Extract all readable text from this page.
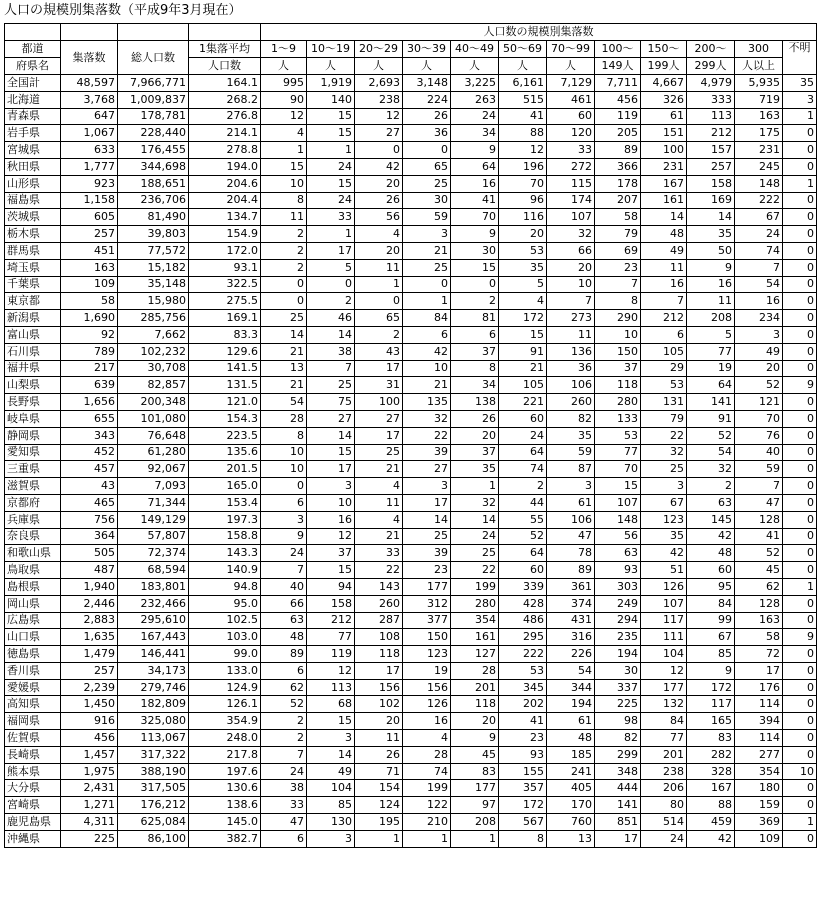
人口の規模別集落数（平成9年3月現在）
				人口数の規模別集落数											
都道	集落数	総人口数	1集落平均	1～9	10～19	20～29	30～39	40～49	50～69	70～99	100～	150～	200～	300	不明
府県名			人口数	人	人	人	人	人	人	人	149人	199人	299人	人以上	
全国計	48,597	7,966,771	164.1	995	1,919	2,693	3,148	3,225	6,161	7,129	7,711	4,667	4,979	5,935	35
北海道	3,768	1,009,837	268.2	90	140	238	224	263	515	461	456	326	333	719	3
青森県	647	178,781	276.8	12	15	12	26	24	41	60	119	61	113	163	1
岩手県	1,067	228,440	214.1	4	15	27	36	34	88	120	205	151	212	175	0
宮城県	633	176,455	278.8	1	1	0	0	9	12	33	89	100	157	231	0
秋田県	1,777	344,698	194.0	15	24	42	65	64	196	272	366	231	257	245	0
山形県	923	188,651	204.6	10	15	20	25	16	70	115	178	167	158	148	1
福島県	1,158	236,706	204.4	8	24	26	30	41	96	174	207	161	169	222	0
茨城県	605	81,490	134.7	11	33	56	59	70	116	107	58	14	14	67	0
栃木県	257	39,803	154.9	2	1	4	3	9	20	32	79	48	35	24	0
群馬県	451	77,572	172.0	2	17	20	21	30	53	66	69	49	50	74	0
埼玉県	163	15,182	93.1	2	5	11	25	15	35	20	23	11	9	7	0
千葉県	109	35,148	322.5	0	0	1	0	0	5	10	7	16	16	54	0
東京都	58	15,980	275.5	0	2	0	1	2	4	7	8	7	11	16	0
新潟県	1,690	285,756	169.1	25	46	65	84	81	172	273	290	212	208	234	0
富山県	92	7,662	83.3	14	14	2	6	6	15	11	10	6	5	3	0
石川県	789	102,232	129.6	21	38	43	42	37	91	136	150	105	77	49	0
福井県	217	30,708	141.5	13	7	17	10	8	21	36	37	29	19	20	0
山梨県	639	82,857	131.5	21	25	31	21	34	105	106	118	53	64	52	9
長野県	1,656	200,348	121.0	54	75	100	135	138	221	260	280	131	141	121	0
岐阜県	655	101,080	154.3	28	27	27	32	26	60	82	133	79	91	70	0
静岡県	343	76,648	223.5	8	14	17	22	20	24	35	53	22	52	76	0
愛知県	452	61,280	135.6	10	15	25	39	37	64	59	77	32	54	40	0
三重県	457	92,067	201.5	10	17	21	27	35	74	87	70	25	32	59	0
滋賀県	43	7,093	165.0	0	3	4	3	1	2	3	15	3	2	7	0
京都府	465	71,344	153.4	6	10	11	17	32	44	61	107	67	63	47	0
兵庫県	756	149,129	197.3	3	16	4	14	14	55	106	148	123	145	128	0
奈良県	364	57,807	158.8	9	12	21	25	24	52	47	56	35	42	41	0
和歌山県	505	72,374	143.3	24	37	33	39	25	64	78	63	42	48	52	0
鳥取県	487	68,594	140.9	7	15	22	23	22	60	89	93	51	60	45	0
島根県	1,940	183,801	94.8	40	94	143	177	199	339	361	303	126	95	62	1
岡山県	2,446	232,466	95.0	66	158	260	312	280	428	374	249	107	84	128	0
広島県	2,883	295,610	102.5	63	212	287	377	354	486	431	294	117	99	163	0
山口県	1,635	167,443	103.0	48	77	108	150	161	295	316	235	111	67	58	9
徳島県	1,479	146,441	99.0	89	119	118	123	127	222	226	194	104	85	72	0
香川県	257	34,173	133.0	6	12	17	19	28	53	54	30	12	9	17	0
愛媛県	2,239	279,746	124.9	62	113	156	156	201	345	344	337	177	172	176	0
高知県	1,450	182,809	126.1	52	68	102	126	118	202	194	225	132	117	114	0
福岡県	916	325,080	354.9	2	15	20	16	20	41	61	98	84	165	394	0
佐賀県	456	113,067	248.0	2	3	11	4	9	23	48	82	77	83	114	0
長崎県	1,457	317,322	217.8	7	14	26	28	45	93	185	299	201	282	277	0
熊本県	1,975	388,190	197.6	24	49	71	74	83	155	241	348	238	328	354	10
大分県	2,431	317,505	130.6	38	104	154	199	177	357	405	444	206	167	180	0
宮崎県	1,271	176,212	138.6	33	85	124	122	97	172	170	141	80	88	159	0
鹿児島県	4,311	625,084	145.0	47	130	195	210	208	567	760	851	514	459	369	1
沖縄県	225	86,100	382.7	6	3	1	1	1	8	13	17	24	42	109	0
